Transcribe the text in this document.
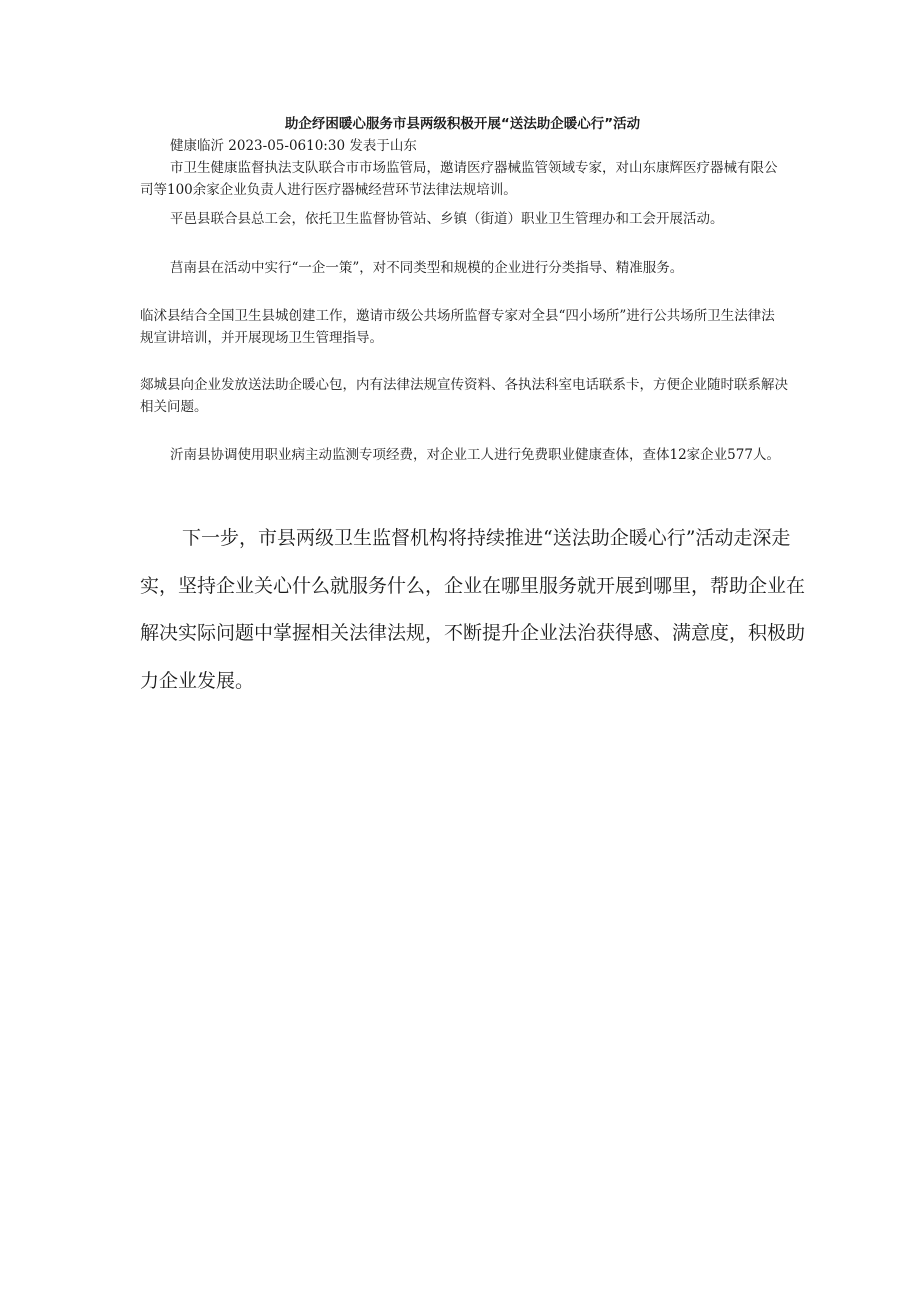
助企纾困暖心服务市县两级积极开展“送法助企暖心行”活动

健康临沂 2023-05-0610:30 发表于山东

市卫生健康监督执法支队联合市市场监管局，邀请医疗器械监管领域专家，对山东康辉医疗器械有限公司等100余家企业负责人进行医疗器械经营环节法律法规培训。

平邑县联合县总工会，依托卫生监督协管站、乡镇（街道）职业卫生管理办和工会开展活动。

莒南县在活动中实行“一企一策”，对不同类型和规模的企业进行分类指导、精准服务。

临沭县结合全国卫生县城创建工作，邀请市级公共场所监督专家对全县“四小场所”进行公共场所卫生法律法规宣讲培训，并开展现场卫生管理指导。

郯城县向企业发放送法助企暖心包，内有法律法规宣传资料、各执法科室电话联系卡，方便企业随时联系解决相关问题。

沂南县协调使用职业病主动监测专项经费，对企业工人进行免费职业健康查体，查体12家企业577人。

下一步，市县两级卫生监督机构将持续推进“送法助企暖心行”活动走深走实，坚持企业关心什么就服务什么，企业在哪里服务就开展到哪里，帮助企业在解决实际问题中掌握相关法律法规，不断提升企业法治获得感、满意度，积极助力企业发展。
